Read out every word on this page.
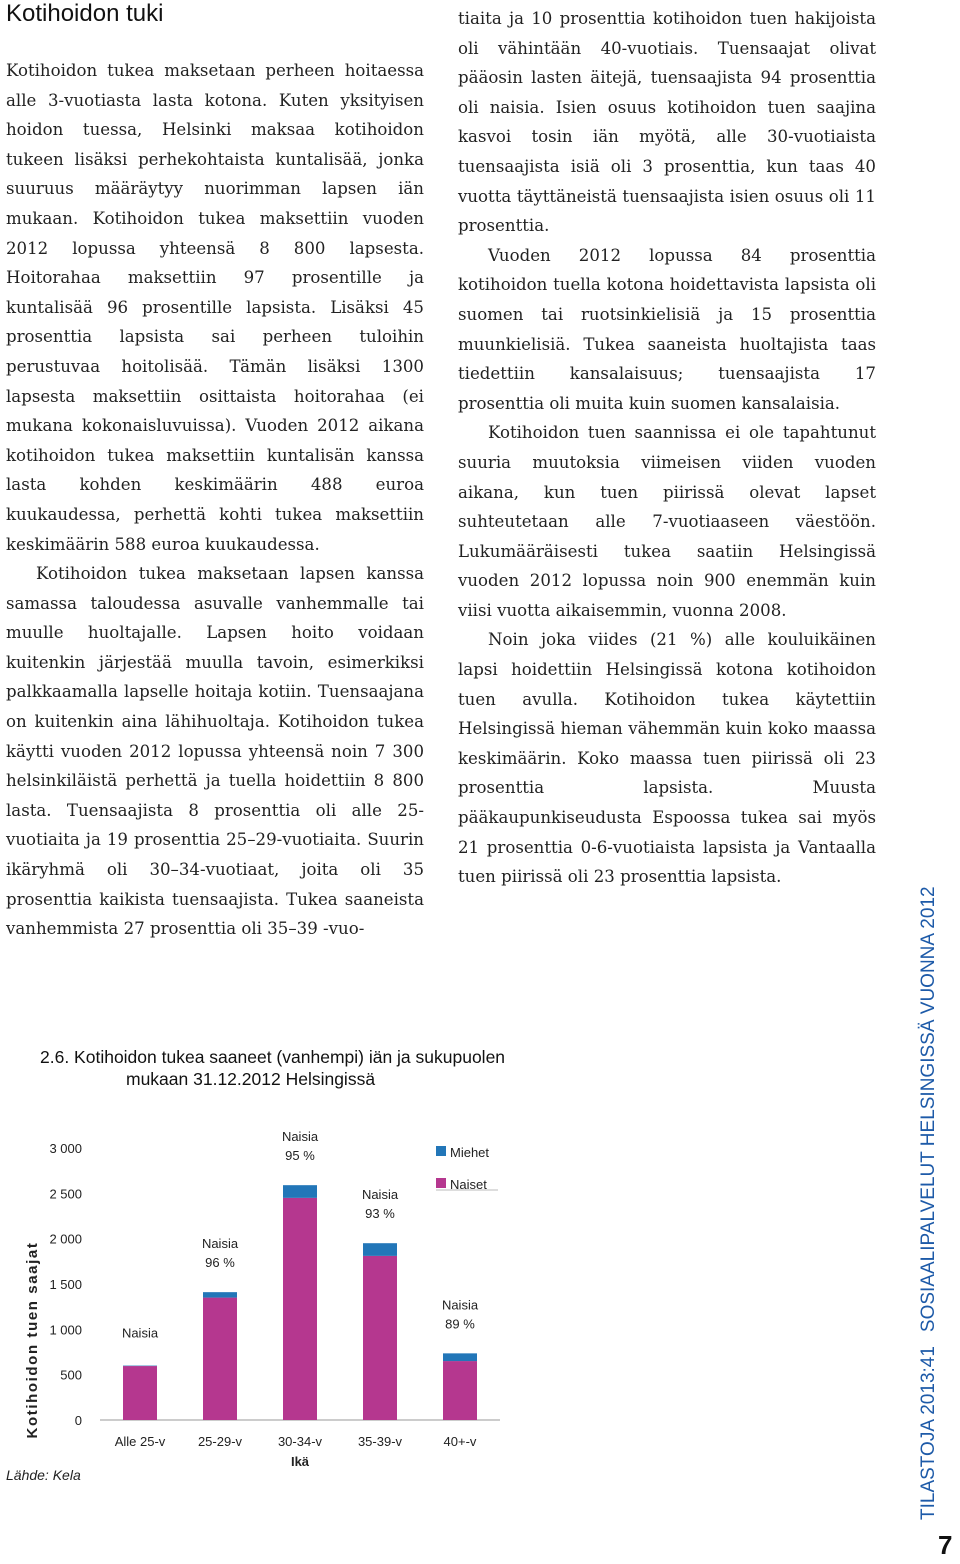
Kotihoidon tuki

Kotihoidon tukea maksetaan perheen hoitaessa alle 3-vuotiasta lasta kotona. Kuten yksityisen hoidon tuessa, Helsinki maksaa kotihoidon tukeen lisäksi perhekohtaista kuntalisää, jonka suuruus määräytyy nuorimman lapsen iän mukaan. Kotihoidon tukea maksettiin vuoden 2012 lopussa yhteensä 8 800 lapsesta. Hoitorahaa maksettiin 97 prosentille ja kuntalisää 96 prosentille lapsista. Lisäksi 45 prosenttia lapsista sai perheen tuloihin perustuvaa hoitolisää. Tämän lisäksi 1300 lapsesta maksettiin osittaista hoitorahaa (ei mukana kokonaisluvuissa). Vuoden 2012 aikana kotihoidon tukea maksettiin kuntalisän kanssa lasta kohden keskimäärin 488 euroa kuukaudessa, perhettä kohti tukea maksettiin keskimäärin 588 euroa kuukaudessa.

Kotihoidon tukea maksetaan lapsen kanssa samassa taloudessa asuvalle vanhemmalle tai muulle huoltajalle. Lapsen hoito voidaan kuitenkin järjestää muulla tavoin, esimerkiksi palkkaamalla lapselle hoitaja kotiin. Tuensaajana on kuitenkin aina lähihuoltaja. Kotihoidon tukea käytti vuoden 2012 lopussa yhteensä noin 7 300 helsinkiläistä perhettä ja tuella hoidettiin 8 800 lasta. Tuensaajista 8 prosenttia oli alle 25-vuotiaita ja 19 prosenttia 25–29-vuotiaita. Suurin ikäryhmä oli 30–34-vuotiaat, joita oli 35 prosenttia kaikista tuensaajista. Tukea saaneista vanhemmista 27 prosenttia oli 35–39 -vuo-

tiaita ja 10 prosenttia kotihoidon tuen hakijoista oli vähintään 40-vuotiais. Tuensaajat olivat pääosin lasten äitejä, tuensaajista 94 prosenttia oli naisia. Isien osuus kotihoidon tuen saajina kasvoi tosin iän myötä, alle 30-vuotiaista tuensaajista isiä oli 3 prosenttia, kun taas 40 vuotta täyttäneistä tuensaajista isien osuus oli 11 prosenttia.

Vuoden 2012 lopussa 84 prosenttia kotihoidon tuella kotona hoidettavista lapsista oli suomen tai ruotsinkielisiä ja 15 prosenttia muunkielisiä. Tukea saaneista huoltajista taas tiedettiin kansalaisuus; tuensaajista 17 prosenttia oli muita kuin suomen kansalaisia.

Kotihoidon tuen saannissa ei ole tapahtunut suuria muutoksia viimeisen viiden vuoden aikana, kun tuen piirissä olevat lapset suhteutetaan alle 7-vuotiaaseen väestöön. Lukumääräisesti tukea saatiin Helsingissä vuoden 2012 lopussa noin 900 enemmän kuin viisi vuotta aikaisemmin, vuonna 2008.

Noin joka viides (21 %) alle kouluikäinen lapsi hoidettiin Helsingissä kotona kotihoidon tuen avulla. Kotihoidon tukea käytettiin Helsingissä hieman vähemmän kuin koko maassa keskimäärin. Koko maassa tuen piirissä oli 23 prosenttia lapsista. Muusta pääkaupunkiseudusta Espoossa tukea sai myös 21 prosenttia 0-6-vuotiaista lapsista ja Vantaalla tuen piirissä oli 23 prosenttia lapsista.

2.6. Kotihoidon tukea saaneet (vanhempi) iän ja sukupuolen
mukaan 31.12.2012 Helsingissä
Kotihoidon tuen saajat	0
500
1 000
1 500
2 000
2 500
3 000
Alle 25-v	25-29-v	30-34-v	35-39-v	40+-v
Naisia
Naisia
96 %
Naisia
95 %
Naisia
93 %
Naisia
89 %
Ikä
Miehet
Naiset
Lähde: Kela	TILASTOJA 2013:41SOSIAALIPALVELUT HELSINGISSÄ VUONNA 2012
7
